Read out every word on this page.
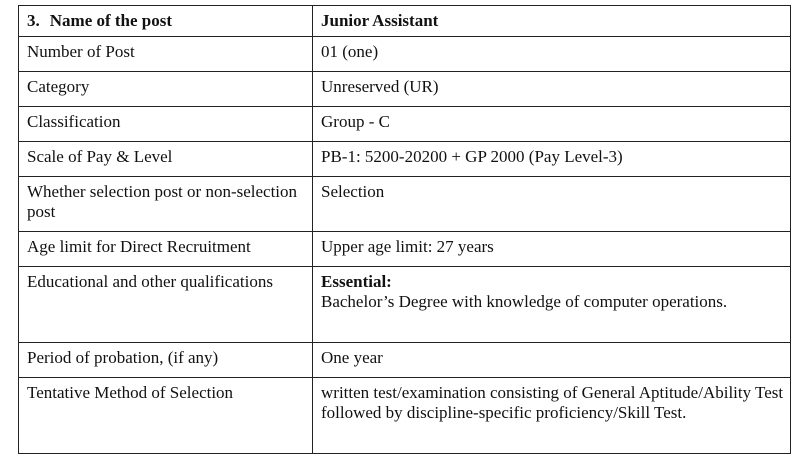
3. Name of the post	Junior Assistant
Number of Post	01 (one)
Category	Unreserved (UR)
Classification	Group - C
Scale of Pay & Level	PB-1: 5200-20200 + GP 2000 (Pay Level-3)
Whether selection post or non-selection post	Selection
Age limit for Direct Recruitment	Upper age limit: 27 years
Educational and other qualifications	Essential:
Bachelor’s Degree with knowledge of computer operations.

Period of probation, (if any)	One year
Tentative Method of Selection	written test/examination consisting of General Aptitude/Ability Test followed by discipline-specific proficiency/Skill Test.
